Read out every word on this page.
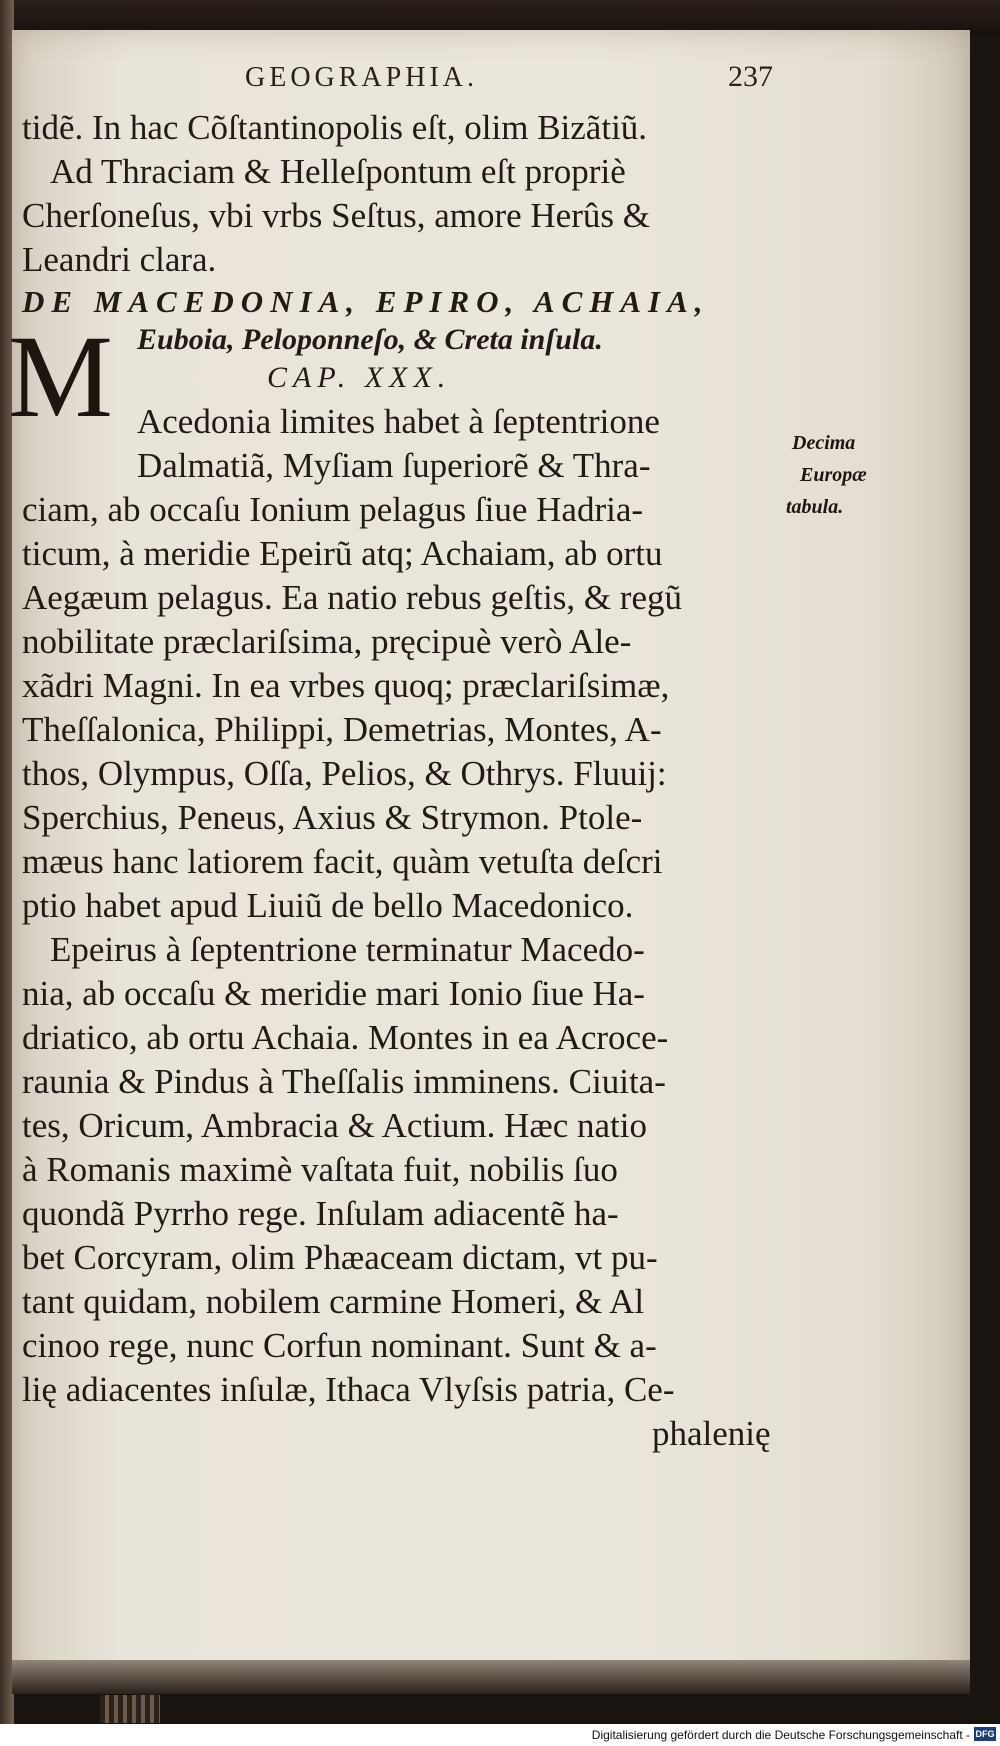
GEOGRAPHIA.	237
tidẽ. In hac Cõſtantinopolis eſt, olim Bizãtiũ.
Ad Thraciam & Helleſpontum eſt propriè
Cherſoneſus, vbi vrbs Seſtus, amore Herûs &
Leandri clara.
DE MACEDONIA, EPIRO, ACHAIA,
Euboia, Peloponneſo, & Creta inſula.
CAP. XXX.
Acedonia limites habet à ſeptentrione
Dalmatiã, Myſiam ſuperiorẽ & Thra-
ciam, ab occaſu Ionium pelagus ſiue Hadria-
ticum, à meridie Epeirũ atq; Achaiam, ab ortu
Aegæum pelagus. Ea natio rebus geſtis, & regũ
nobilitate præclariſsima, pręcipuè verò Ale-
xãdri Magni. In ea vrbes quoq; præclariſsimæ,
Theſſalonica, Philippi, Demetrias, Montes, A-
thos, Olympus, Oſſa, Pelios, & Othrys. Fluuij:
Sperchius, Peneus, Axius & Strymon. Ptole-
mæus hanc latiorem facit, quàm vetuſta deſcri
ptio habet apud Liuiũ de bello Macedonico.
Epeirus à ſeptentrione terminatur Macedo-
nia, ab occaſu & meridie mari Ionio ſiue Ha-
driatico, ab ortu Achaia. Montes in ea Acroce-
raunia & Pindus à Theſſalis imminens. Ciuita-
tes, Oricum, Ambracia & Actium. Hæc natio
à Romanis maximè vaſtata fuit, nobilis ſuo
quondã Pyrrho rege. Inſulam adiacentẽ ha-
bet Corcyram, olim Phæaceam dictam, vt pu-
tant quidam, nobilem carmine Homeri, & Al
cinoo rege, nunc Corfun nominant. Sunt & a-
lię adiacentes inſulæ, Ithaca Vlyſsis patria, Ce-
phalenię
M
Decima
Europæ
tabula.
Digitalisierung gefördert durch die Deutsche Forschungsgemeinschaft - DFG
